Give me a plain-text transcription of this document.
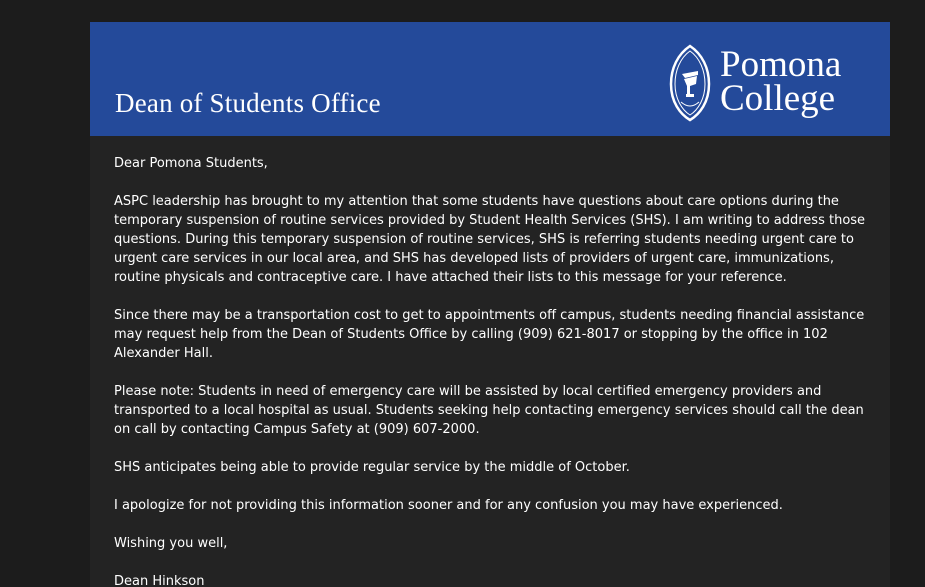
Dean of Students Office
Pomona
College

Dear Pomona Students,

ASPC leadership has brought to my attention that some students have questions about care options during the temporary suspension of routine services provided by Student Health Services (SHS). I am writing to address those questions. During this temporary suspension of routine services, SHS is referring students needing urgent care to urgent care services in our local area, and SHS has developed lists of providers of urgent care, immunizations, routine physicals and contraceptive care. I have attached their lists to this message for your reference.

Since there may be a transportation cost to get to appointments off campus, students needing financial assistance may request help from the Dean of Students Office by calling (909) 621-8017 or stopping by the office in 102 Alexander Hall.

Please note: Students in need of emergency care will be assisted by local certified emergency providers and transported to a local hospital as usual. Students seeking help contacting emergency services should call the dean on call by contacting Campus Safety at (909) 607-2000.

SHS anticipates being able to provide regular service by the middle of October.

I apologize for not providing this information sooner and for any confusion you may have experienced.

Wishing you well,

Dean Hinkson
